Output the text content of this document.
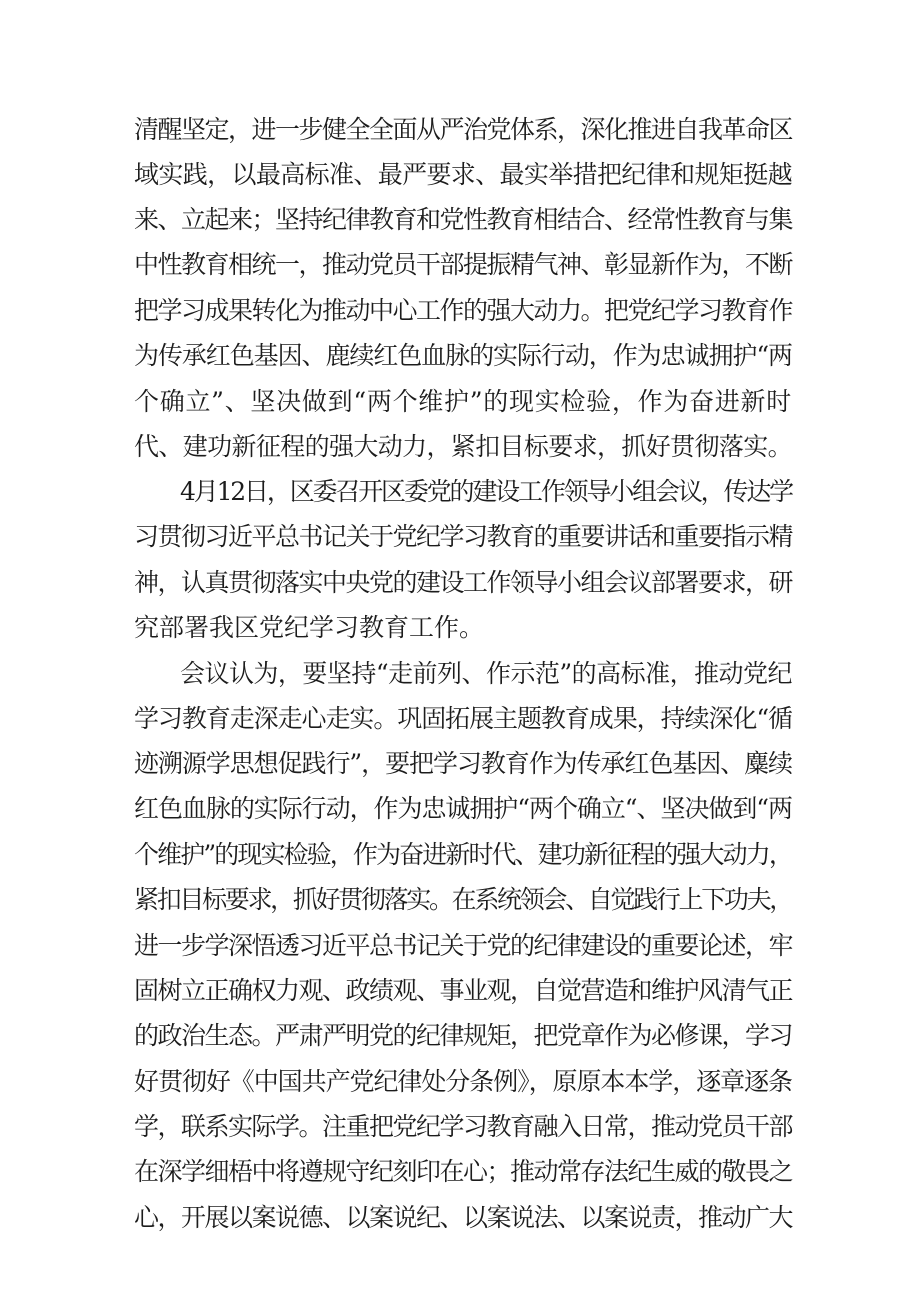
清醒坚定，进一步健全全面从严治党体系，深化推进自我革命区
域实践，以最高标准、最严要求、最实举措把纪律和规矩挺越
来、立起来；坚持纪律教育和党性教育相结合、经常性教育与集
中性教育相统一，推动党员干部提振精气神、彰显新作为，不断
把学习成果转化为推动中心工作的强大动力。把党纪学习教育作
为传承红色基因、鹿续红色血脉的实际行动，作为忠诚拥护“两
个确立”、坚决做到“两个维护”的现实检验，作为奋进新时
代、建功新征程的强大动力，紧扣目标要求，抓好贯彻落实。
4月12日，区委召开区委党的建设工作领导小组会议，传达学
习贯彻习近平总书记关于党纪学习教育的重要讲话和重要指示精
神，认真贯彻落实中央党的建设工作领导小组会议部署要求，研
究部署我区党纪学习教育工作。
会议认为，要坚持“走前列、作示范”的高标准，推动党纪
学习教育走深走心走实。巩固拓展主题教育成果，持续深化“循
迹溯源学思想促践行”，要把学习教育作为传承红色基因、麋续
红色血脉的实际行动，作为忠诚拥护“两个确立“、坚决做到“两
个维护”的现实检验，作为奋进新时代、建功新征程的强大动力，
紧扣目标要求，抓好贯彻落实。在系统领会、自觉践行上下功夫，
进一步学深悟透习近平总书记关于党的纪律建设的重要论述，牢
固树立正确权力观、政绩观、事业观，自觉营造和维护风清气正
的政治生态。严肃严明党的纪律规矩，把党章作为必修课，学习
好贯彻好《中国共产党纪律处分条例》，原原本本学，逐章逐条
学，联系实际学。注重把党纪学习教育融入日常，推动党员干部
在深学细梧中将遵规守纪刻印在心；推动常存法纪生威的敬畏之
心，开展以案说德、以案说纪、以案说法、以案说责，推动广大
